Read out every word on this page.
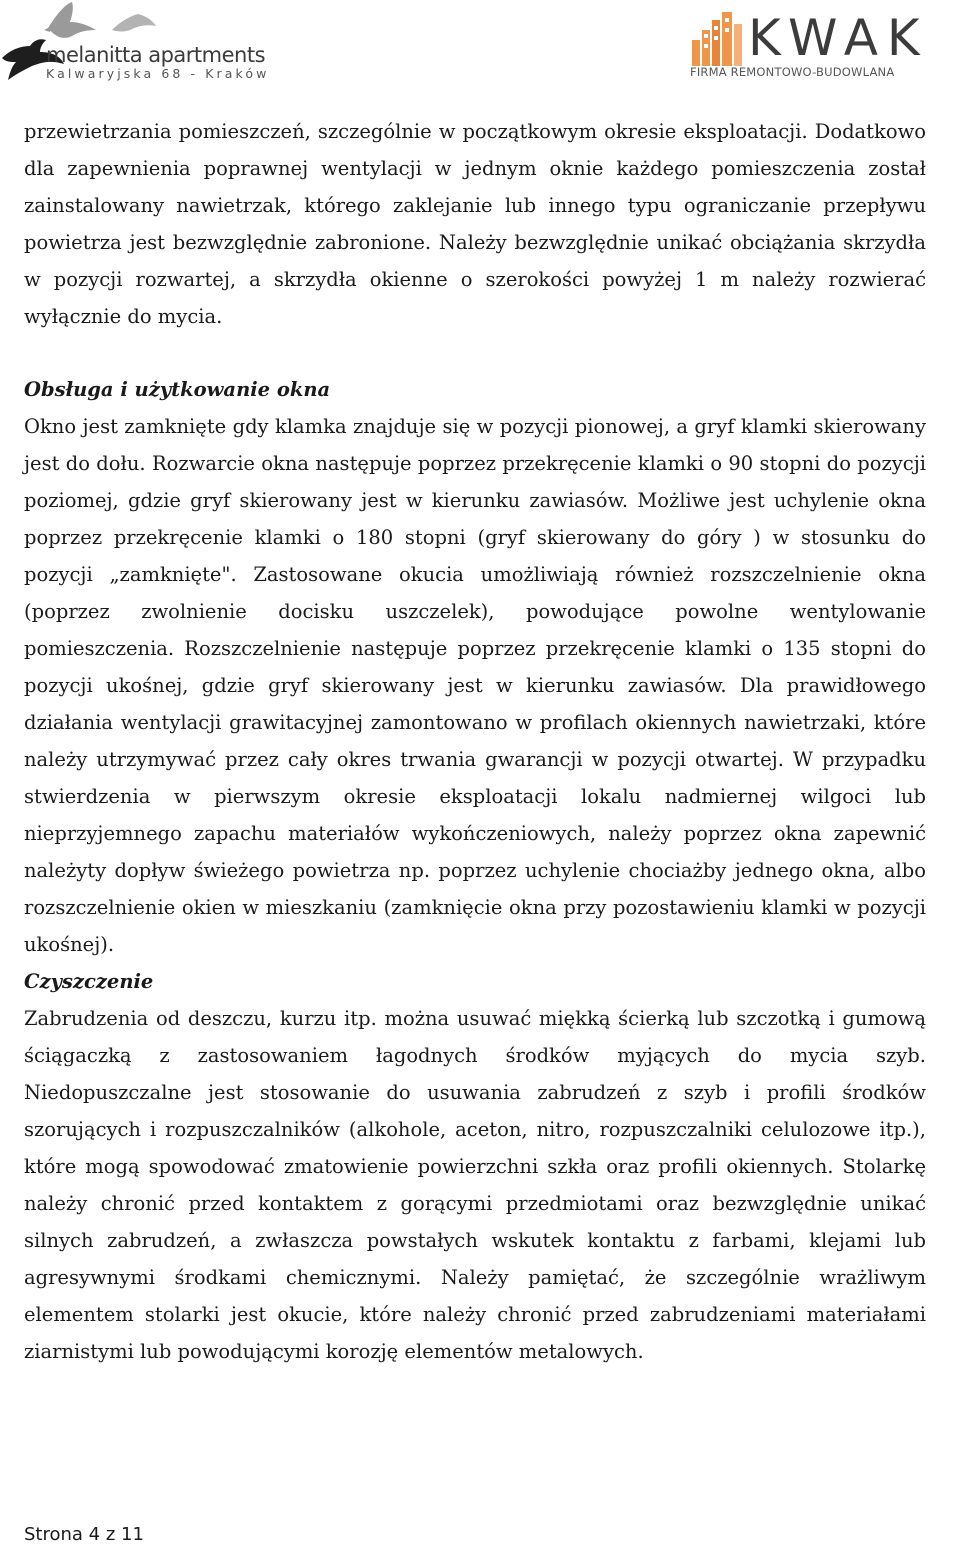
melanitta apartments
Kalwaryjska 68 - Kraków
KWAK
FIRMA REMONTOWO-BUDOWLANA

przewietrzania pomieszczeń, szczególnie w początkowym okresie eksploatacji. Dodatkowo dla zapewnienia poprawnej wentylacji w jednym oknie każdego pomieszczenia został zainstalowany nawietrzak, którego zaklejanie lub innego typu ograniczanie przepływu powietrza jest bezwzględnie zabronione. Należy bezwzględnie unikać obciążania skrzydła w pozycji rozwartej, a skrzydła okienne o szerokości powyżej 1 m należy rozwierać wyłącznie do mycia.

Obsługa i użytkowanie okna

Okno jest zamknięte gdy klamka znajduje się w pozycji pionowej, a gryf klamki skierowany jest do dołu. Rozwarcie okna następuje poprzez przekręcenie klamki o 90 stopni do pozycji poziomej, gdzie gryf skierowany jest w kierunku zawiasów. Możliwe jest uchylenie okna poprzez przekręcenie klamki o 180 stopni (gryf skierowany do góry ) w stosunku do pozycji „zamknięte". Zastosowane okucia umożliwiają również rozszczelnienie okna (poprzez zwolnienie docisku uszczelek), powodujące powolne wentylowanie pomieszczenia. Rozszczelnienie następuje poprzez przekręcenie klamki o 135 stopni do pozycji ukośnej, gdzie gryf skierowany jest w kierunku zawiasów. Dla prawidłowego działania wentylacji grawitacyjnej zamontowano w profilach okiennych nawietrzaki, które należy utrzymywać przez cały okres trwania gwarancji w pozycji otwartej. W przypadku stwierdzenia w pierwszym okresie eksploatacji lokalu nadmiernej wilgoci lub nieprzyjemnego zapachu materiałów wykończeniowych, należy poprzez okna zapewnić należyty dopływ świeżego powietrza np. poprzez uchylenie chociażby jednego okna, albo rozszczelnienie okien w mieszkaniu (zamknięcie okna przy pozostawieniu klamki w pozycji ukośnej).

Czyszczenie

Zabrudzenia od deszczu, kurzu itp. można usuwać miękką ścierką lub szczotką i gumową ściągaczką z zastosowaniem łagodnych środków myjących do mycia szyb. Niedopuszczalne jest stosowanie do usuwania zabrudzeń z szyb i profili środków szorujących i rozpuszczalników (alkohole, aceton, nitro, rozpuszczalniki celulozowe itp.), które mogą spowodować zmatowienie powierzchni szkła oraz profili okiennych. Stolarkę należy chronić przed kontaktem z gorącymi przedmiotami oraz bezwzględnie unikać silnych zabrudzeń, a zwłaszcza powstałych wskutek kontaktu z farbami, klejami lub agresywnymi środkami chemicznymi. Należy pamiętać, że szczególnie wrażliwym elementem stolarki jest okucie, które należy chronić przed zabrudzeniami materiałami ziarnistymi lub powodującymi korozję elementów metalowych.

Strona 4 z 11
